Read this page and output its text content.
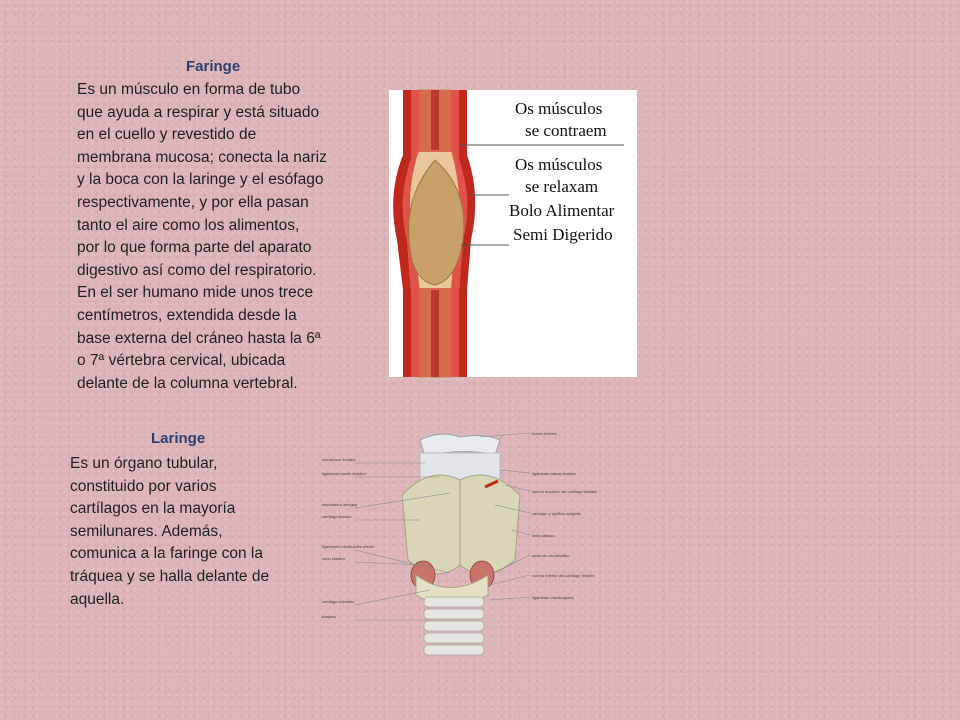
Faringe
Es un músculo en forma de tubo
que ayuda a respirar y está situado
en el cuello y revestido de
membrana mucosa; conecta la nariz
y la boca con la laringe y el esófago
respectivamente, y por ella pasan
tanto el aire como los alimentos,
por lo que forma parte del aparato
digestivo así como del respiratorio.
En el ser humano mide unos trece
centímetros, extendida desde la
base externa del cráneo hasta la 6ª
o 7ª vértebra cervical, ubicada
delante de la columna vertebral.
Os músculos
se contraem
Os músculos
se relaxam
Bolo Alimentar
Semi Digerido
Laringe
Es un órgano tubular,
constituido por varios
cartílagos en la mayoría
semilunares. Además,
comunica a la faringe con la
tráquea y se halla delante de
aquella.
membrana tiroidea
ligamento medio tiroideo
escotadura laringea
cartílago tiroides
ligamento cricotiroideo medio
cono elástico
cartílago cricoides
tráquea
hueso hioides
ligamento lateral tiroideo
cuerno superior del cartílago tiroides
cartílago y apófisis epiglotis
línea oblicua
músculo cricotiroideo
cuerno inferior del cartílago tiroides
ligamento cricotraqueal
